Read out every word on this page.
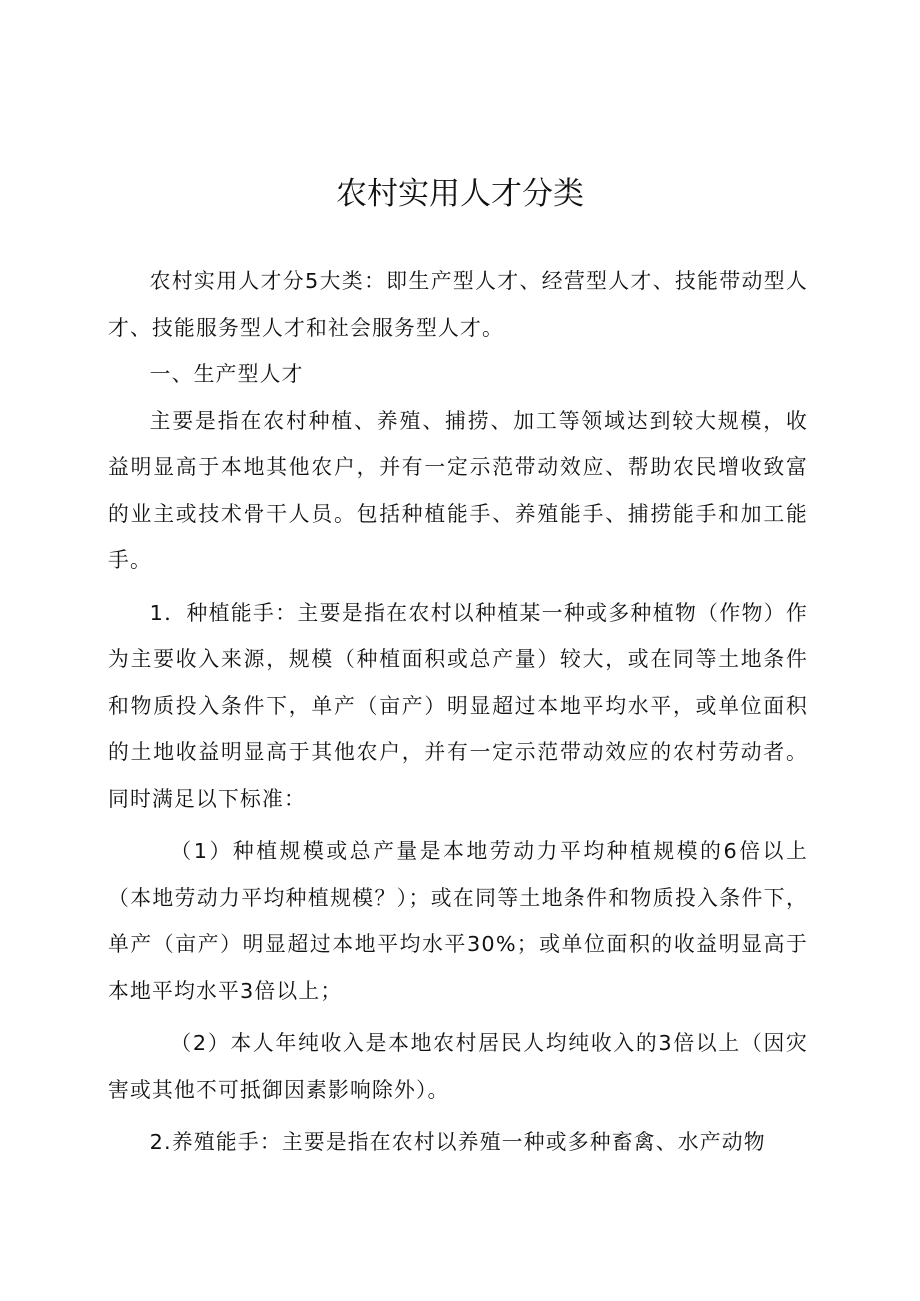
农村实用人才分类

农村实用人才分5大类：即生产型人才、经营型人才、技能带动型人才、技能服务型人才和社会服务型人才。

一、生产型人才

主要是指在农村种植、养殖、捕捞、加工等领域达到较大规模，收益明显高于本地其他农户，并有一定示范带动效应、帮助农民增收致富的业主或技术骨干人员。包括种植能手、养殖能手、捕捞能手和加工能手。

1．种植能手：主要是指在农村以种植某一种或多种植物（作物）作为主要收入来源，规模（种植面积或总产量）较大，或在同等土地条件和物质投入条件下，单产（亩产）明显超过本地平均水平，或单位面积的土地收益明显高于其他农户，并有一定示范带动效应的农村劳动者。同时满足以下标准：

（1）种植规模或总产量是本地劳动力平均种植规模的6倍以上（本地劳动力平均种植规模？）；或在同等土地条件和物质投入条件下，单产（亩产）明显超过本地平均水平30%；或单位面积的收益明显高于本地平均水平3倍以上；

（2）本人年纯收入是本地农村居民人均纯收入的3倍以上（因灾害或其他不可抵御因素影响除外）。

2.养殖能手：主要是指在农村以养殖一种或多种畜禽、水产动物
